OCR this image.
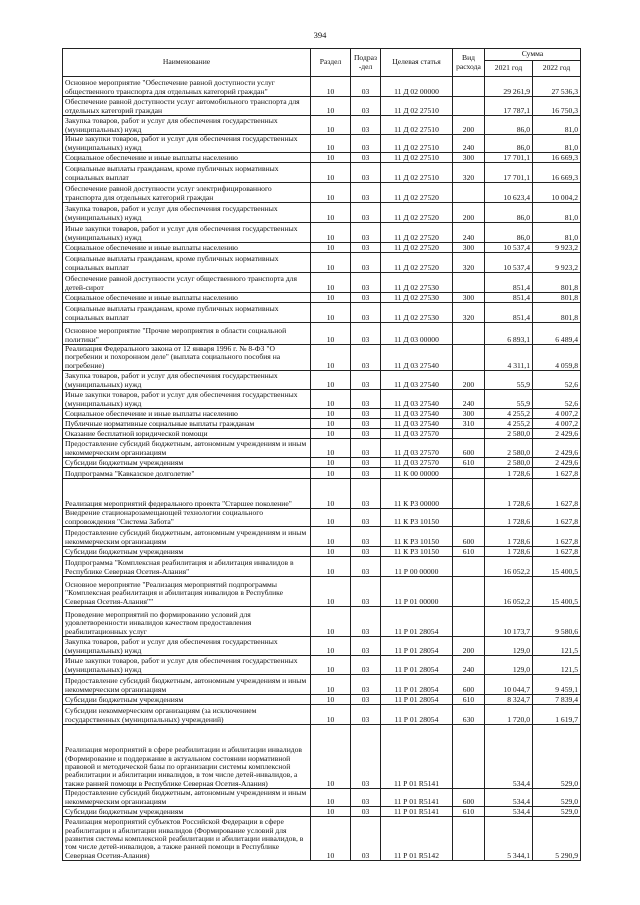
394
Наименование	Раздел	Подраз-дел	Целевая статья	Вид расхода	Сумма	
					2021 год	2022 год
Основное мероприятие "Обеспечение равной доступности услуг общественного транспорта для отдельных категорий граждан"	10	03	11 Д 02 00000		29 261,9	27 536,3
Обеспечение равной доступности услуг автомобильного транспорта для отдельных категорий граждан	10	03	11 Д 02 27510		17 787,1	16 750,3
Закупка товаров, работ и услуг для обеспечения государственных (муниципальных) нужд	10	03	11 Д 02 27510	200	86,0	81,0
Иные закупки товаров, работ и услуг для обеспечения государственных (муниципальных) нужд	10	03	11 Д 02 27510	240	86,0	81,0
Социальное обеспечение и иные выплаты населению	10	03	11 Д 02 27510	300	17 701,1	16 669,3
Социальные выплаты гражданам, кроме публичных нормативных социальных выплат	10	03	11 Д 02 27510	320	17 701,1	16 669,3
Обеспечение равной доступности услуг электрифицированного транспорта для отдельных категорий граждан	10	03	11 Д 02 27520		10 623,4	10 004,2
Закупка товаров, работ и услуг для обеспечения государственных (муниципальных) нужд	10	03	11 Д 02 27520	200	86,0	81,0
Иные закупки товаров, работ и услуг для обеспечения государственных (муниципальных) нужд	10	03	11 Д 02 27520	240	86,0	81,0
Социальное обеспечение и иные выплаты населению	10	03	11 Д 02 27520	300	10 537,4	9 923,2
Социальные выплаты гражданам, кроме публичных нормативных социальных выплат	10	03	11 Д 02 27520	320	10 537,4	9 923,2
Обеспечение равной доступности услуг общественного транспорта для детей-сирот	10	03	11 Д 02 27530		851,4	801,8
Социальное обеспечение и иные выплаты населению	10	03	11 Д 02 27530	300	851,4	801,8
Социальные выплаты гражданам, кроме публичных нормативных социальных выплат	10	03	11 Д 02 27530	320	851,4	801,8
Основное мероприятие "Прочие мероприятия в области социальной политики"	10	03	11 Д 03 00000		6 893,1	6 489,4
Реализация Федерального закона от 12 января 1996 г. № 8-ФЗ "О погребении и похоронном деле" (выплата социального пособия на погребение)	10	03	11 Д 03 27540		4 311,1	4 059,8
Закупка товаров, работ и услуг для обеспечения государственных (муниципальных) нужд	10	03	11 Д 03 27540	200	55,9	52,6
Иные закупки товаров, работ и услуг для обеспечения государственных (муниципальных) нужд	10	03	11 Д 03 27540	240	55,9	52,6
Социальное обеспечение и иные выплаты населению	10	03	11 Д 03 27540	300	4 255,2	4 007,2
Публичные нормативные социальные выплаты гражданам	10	03	11 Д 03 27540	310	4 255,2	4 007,2
Оказание бесплатной юридической помощи	10	03	11 Д 03 27570		2 580,0	2 429,6
Предоставление субсидий бюджетным, автономным учреждениям и иным некоммерческим организациям	10	03	11 Д 03 27570	600	2 580,0	2 429,6
Субсидии бюджетным учреждениям	10	03	11 Д 03 27570	610	2 580,0	2 429,6
Подпрограмма "Кавказское долголетие"	10	03	11 К 00 00000		1 728,6	1 627,8
Реализация мероприятий федерального проекта "Старшее поколение"	10	03	11 К Р3 00000		1 728,6	1 627,8
Внедрение стационарозамещающей технологии социального сопровождения "Система Забота"	10	03	11 К Р3 10150		1 728,6	1 627,8
Предоставление субсидий бюджетным, автономным учреждениям и иным некоммерческим организациям	10	03	11 К Р3 10150	600	1 728,6	1 627,8
Субсидии бюджетным учреждениям	10	03	11 К Р3 10150	610	1 728,6	1 627,8
Подпрограмма "Комплексная реабилитация и абилитация инвалидов в Республике Северная Осетия-Алания"	10	03	11 Р 00 00000		16 052,2	15 400,5
Основное мероприятие "Реализация мероприятий подпрограммы "Комплексная реабилитация и абилитация инвалидов в Республике Северная Осетия-Алания""	10	03	11 Р 01 00000		16 052,2	15 400,5
Проведение мероприятий по формированию условий для удовлетворенности инвалидов качеством предоставления реабилитационных услуг	10	03	11 Р 01 28054		10 173,7	9 580,6
Закупка товаров, работ и услуг для обеспечения государственных (муниципальных) нужд	10	03	11 Р 01 28054	200	129,0	121,5
Иные закупки товаров, работ и услуг для обеспечения государственных (муниципальных) нужд	10	03	11 Р 01 28054	240	129,0	121,5
Предоставление субсидий бюджетным, автономным учреждениям и иным некоммерческим организациям	10	03	11 Р 01 28054	600	10 044,7	9 459,1
Субсидии бюджетным учреждениям	10	03	11 Р 01 28054	610	8 324,7	7 839,4
Субсидии некоммерческим организациям (за исключением государственных (муниципальных) учреждений)	10	03	11 Р 01 28054	630	1 720,0	1 619,7
Реализация мероприятий в сфере реабилитации и абилитации инвалидов (Формирование и поддержание в актуальном состоянии нормативной правовой и методической базы по организации системы комплексной реабилитации и абилитации инвалидов, в том числе детей-инвалидов, а также ранней помощи в Республике Северная Осетия-Алания)	10	03	11 Р 01 R5141		534,4	529,0
Предоставление субсидий бюджетным, автономным учреждениям и иным некоммерческим организациям	10	03	11 Р 01 R5141	600	534,4	529,0
Субсидии бюджетным учреждениям	10	03	11 Р 01 R5141	610	534,4	529,0
Реализация мероприятий субъектов Российской Федерации в сфере реабилитации и абилитации инвалидов (Формирование условий для развития системы комплексной реабилитации и абилитации инвалидов, в том числе детей-инвалидов, а также ранней помощи в Республике Северная Осетия-Алания)	10	03	11 Р 01 R5142		5 344,1	5 290,9
